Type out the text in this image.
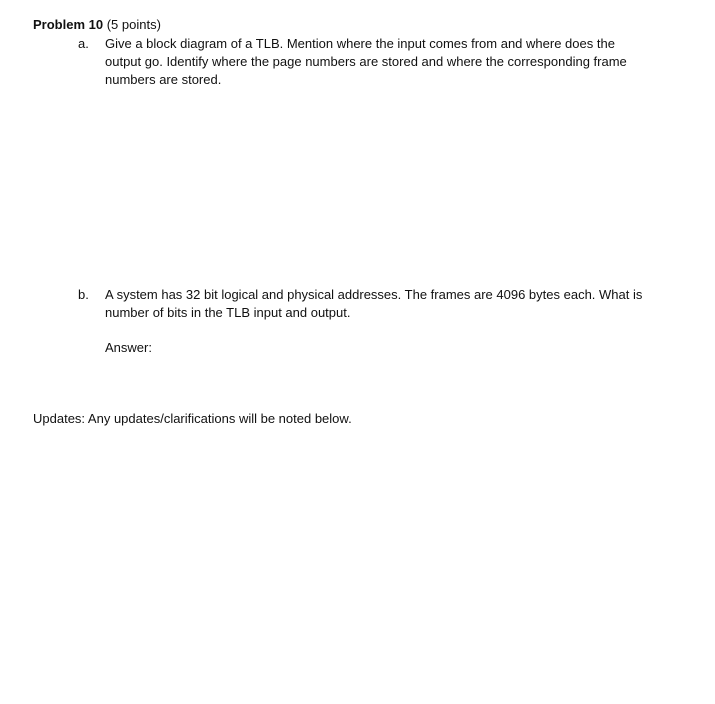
Problem 10 (5 points)
a.	Give a block diagram of a TLB. Mention where the input comes from and where does the
output go. Identify where the page numbers are stored and where the corresponding frame
numbers are stored.
b.	A system has 32 bit logical and physical addresses. The frames are 4096 bytes each. What is
number of bits in the TLB input and output.
Answer:
Updates: Any updates/clarifications will be noted below.
